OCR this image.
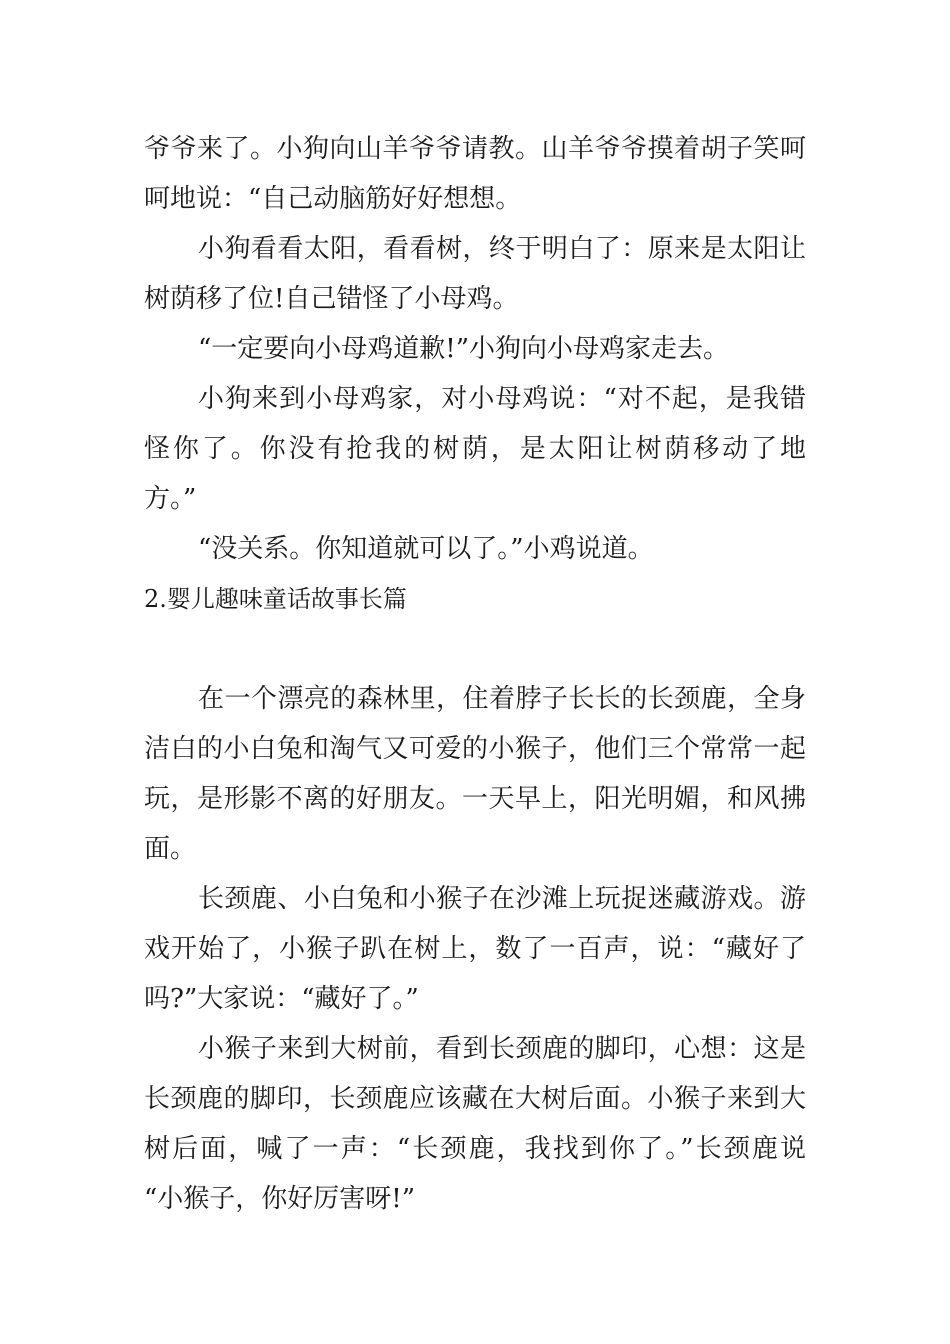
爷爷来了。小狗向山羊爷爷请教。山羊爷爷摸着胡子笑呵
呵地说：“自己动脑筋好好想想。
小狗看看太阳，看看树，终于明白了：原来是太阳让
树荫移了位!自己错怪了小母鸡。
“一定要向小母鸡道歉!”小狗向小母鸡家走去。
小狗来到小母鸡家，对小母鸡说：“对不起，是我错
怪你了。你没有抢我的树荫，是太阳让树荫移动了地
方。”
“没关系。你知道就可以了。”小鸡说道。
2.婴儿趣味童话故事长篇
在一个漂亮的森林里，住着脖子长长的长颈鹿，全身
洁白的小白兔和淘气又可爱的小猴子，他们三个常常一起
玩，是形影不离的好朋友。一天早上，阳光明媚，和风拂
面。
长颈鹿、小白兔和小猴子在沙滩上玩捉迷藏游戏。游
戏开始了，小猴子趴在树上，数了一百声，说：“藏好了
吗?”大家说：“藏好了。”
小猴子来到大树前，看到长颈鹿的脚印，心想：这是
长颈鹿的脚印，长颈鹿应该藏在大树后面。小猴子来到大
树后面，喊了一声：“长颈鹿，我找到你了。”长颈鹿说
“小猴子，你好厉害呀!”
